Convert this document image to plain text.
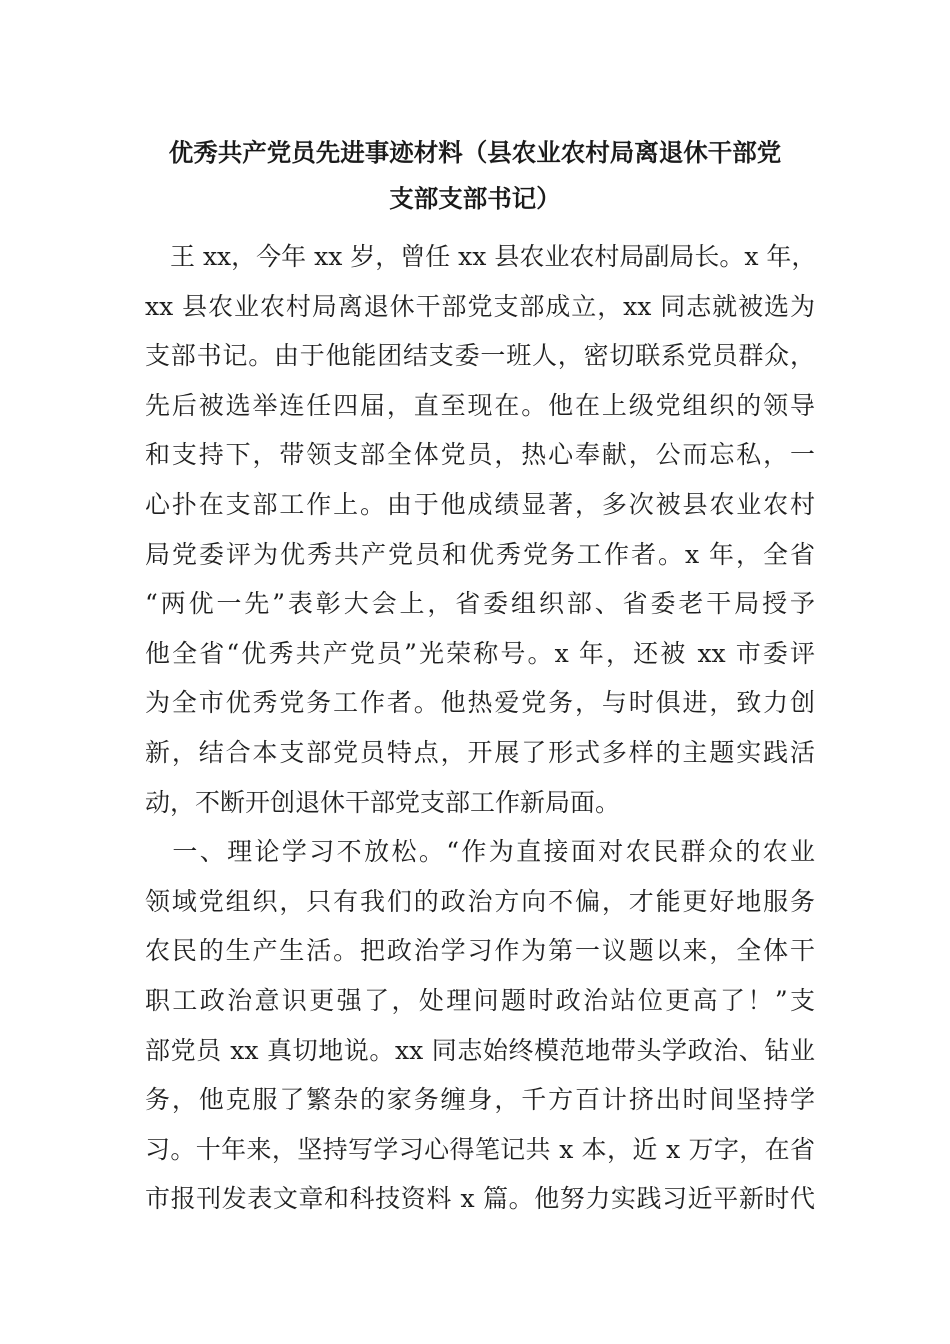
优秀共产党员先进事迹材料（县农业农村局离退休干部党
支部支部书记）

　王 xx，今年 xx 岁，曾任 xx 县农业农村局副局长。x 年，
xx 县农业农村局离退休干部党支部成立，xx 同志就被选为
支部书记。由于他能团结支委一班人，密切联系党员群众，
先后被选举连任四届，直至现在。他在上级党组织的领导
和支持下，带领支部全体党员，热心奉献，公而忘私，一
心扑在支部工作上。由于他成绩显著，多次被县农业农村
局党委评为优秀共产党员和优秀党务工作者。x 年，全省
“两优一先”表彰大会上，省委组织部、省委老干局授予
他全省“优秀共产党员”光荣称号。x 年，还被 xx 市委评
为全市优秀党务工作者。他热爱党务，与时俱进，致力创
新，结合本支部党员特点，开展了形式多样的主题实践活
动，不断开创退休干部党支部工作新局面。

　一、理论学习不放松。“作为直接面对农民群众的农业
领域党组织，只有我们的政治方向不偏，才能更好地服务
农民的生产生活。把政治学习作为第一议题以来，全体干
职工政治意识更强了，处理问题时政治站位更高了！”支
部党员 xx 真切地说。xx 同志始终模范地带头学政治、钻业
务，他克服了繁杂的家务缠身，千方百计挤出时间坚持学
习。十年来，坚持写学习心得笔记共 x 本，近 x 万字，在省
市报刊发表文章和科技资料 x 篇。他努力实践习近平新时代
